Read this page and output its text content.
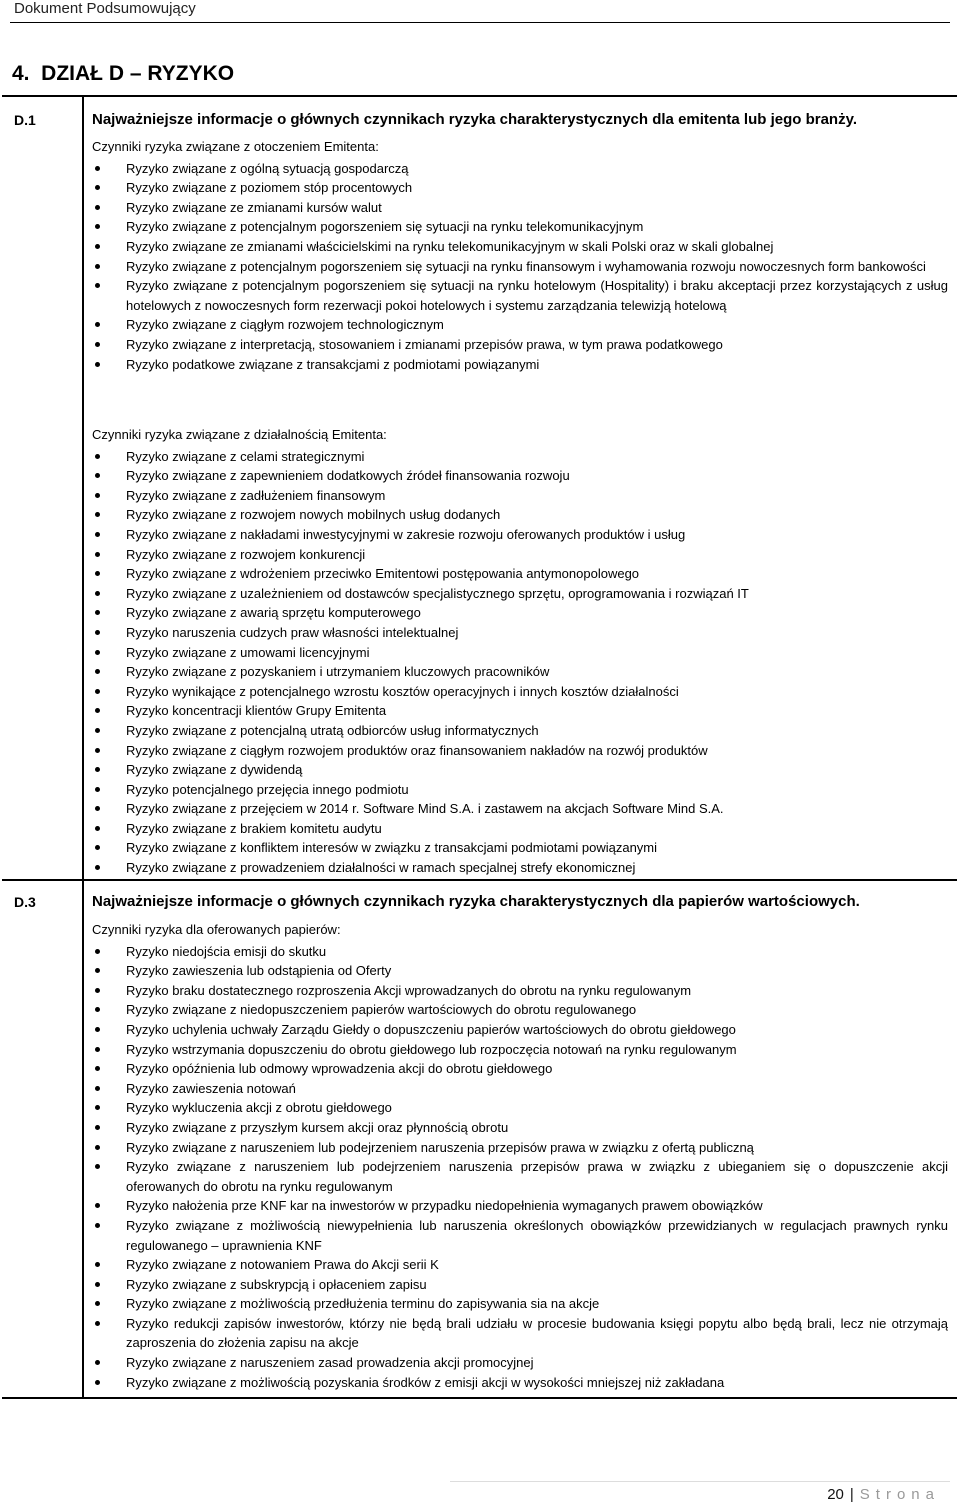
Dokument Podsumowujący
4.  DZIAŁ D – RYZYKO
D.1	Najważniejsze informacje o głównych czynnikach ryzyka charakterystycznych dla emitenta lub jego branży.
Czynniki ryzyka związane z otoczeniem Emitenta:
Ryzyko związane z ogólną sytuacją gospodarczą
Ryzyko związane z poziomem stóp procentowych
Ryzyko związane ze zmianami kursów walut
Ryzyko związane z potencjalnym pogorszeniem się sytuacji na rynku telekomunikacyjnym
Ryzyko związane ze zmianami właścicielskimi na rynku telekomunikacyjnym w skali Polski oraz w skali globalnej
Ryzyko związane z potencjalnym pogorszeniem się sytuacji na rynku finansowym i wyhamowania rozwoju nowoczesnych form bankowości
Ryzyko związane z potencjalnym pogorszeniem się sytuacji na rynku hotelowym (Hospitality) i braku akceptacji przez korzystających z usług hotelowych z nowoczesnych form rezerwacji pokoi hotelowych i systemu zarządzania telewizją hotelową
Ryzyko związane z ciągłym rozwojem technologicznym
Ryzyko związane z interpretacją, stosowaniem i zmianami przepisów prawa, w tym prawa podatkowego
Ryzyko podatkowe związane z transakcjami z podmiotami powiązanymi
Czynniki ryzyka związane z działalnością Emitenta:
Ryzyko związane z celami strategicznymi
Ryzyko związane z zapewnieniem dodatkowych źródeł finansowania rozwoju
Ryzyko związane z zadłużeniem finansowym
Ryzyko związane z rozwojem nowych mobilnych usług dodanych
Ryzyko związane z nakładami inwestycyjnymi w zakresie rozwoju oferowanych produktów i usług
Ryzyko związane z rozwojem konkurencji
Ryzyko związane z wdrożeniem przeciwko Emitentowi postępowania antymonopolowego
Ryzyko związane z uzależnieniem od dostawców specjalistycznego sprzętu, oprogramowania i rozwiązań IT
Ryzyko związane z awarią sprzętu komputerowego
Ryzyko naruszenia cudzych praw własności intelektualnej
Ryzyko związane z umowami licencyjnymi
Ryzyko związane z pozyskaniem i utrzymaniem kluczowych pracowników
Ryzyko wynikające z potencjalnego wzrostu kosztów operacyjnych i innych kosztów działalności
Ryzyko koncentracji klientów Grupy Emitenta
Ryzyko związane z potencjalną utratą odbiorców usług informatycznych
Ryzyko związane z ciągłym rozwojem produktów oraz finansowaniem nakładów na rozwój produktów
Ryzyko związane z dywidendą
Ryzyko potencjalnego przejęcia innego podmiotu
Ryzyko związane z przejęciem w 2014 r. Software Mind S.A. i zastawem na akcjach Software Mind S.A.
Ryzyko związane z brakiem komitetu audytu
Ryzyko związane z konfliktem interesów w związku z transakcjami podmiotami powiązanymi
Ryzyko związane z prowadzeniem działalności w ramach specjalnej strefy ekonomicznej
D.3	Najważniejsze informacje o głównych czynnikach ryzyka charakterystycznych dla papierów wartościowych.
Czynniki ryzyka dla oferowanych papierów:
Ryzyko niedojścia emisji do skutku
Ryzyko zawieszenia lub odstąpienia od Oferty
Ryzyko braku dostatecznego rozproszenia Akcji wprowadzanych do obrotu na rynku regulowanym
Ryzyko związane z niedopuszczeniem papierów wartościowych do obrotu regulowanego
Ryzyko uchylenia uchwały Zarządu Giełdy o dopuszczeniu papierów wartościowych do obrotu giełdowego
Ryzyko wstrzymania dopuszczeniu do obrotu giełdowego lub rozpoczęcia notowań na rynku regulowanym
Ryzyko opóźnienia lub odmowy wprowadzenia akcji do obrotu giełdowego
Ryzyko zawieszenia notowań
Ryzyko wykluczenia akcji z obrotu giełdowego
Ryzyko związane z przyszłym kursem akcji oraz płynnością obrotu
Ryzyko związane z naruszeniem lub podejrzeniem naruszenia przepisów prawa w związku z ofertą publiczną
Ryzyko związane z naruszeniem lub podejrzeniem naruszenia przepisów prawa w związku z ubieganiem się o dopuszczenie akcji oferowanych do obrotu na rynku regulowanym
Ryzyko nałożenia prze KNF kar na inwestorów w przypadku niedopełnienia wymaganych prawem obowiązków
Ryzyko związane z możliwością niewypełnienia lub naruszenia określonych obowiązków przewidzianych w regulacjach prawnych rynku regulowanego – uprawnienia KNF
Ryzyko związane z notowaniem Prawa do Akcji serii K
Ryzyko związane z subskrypcją i opłaceniem zapisu
Ryzyko związane z możliwością przedłużenia terminu do zapisywania sia na akcje
Ryzyko redukcji zapisów inwestorów, którzy nie będą brali udziału w procesie budowania księgi popytu albo będą brali, lecz nie otrzymają zaproszenia do złożenia zapisu na akcje
Ryzyko związane z naruszeniem zasad prowadzenia akcji promocyjnej
Ryzyko związane z możliwością pozyskania środków z emisji akcji w wysokości mniejszej niż zakładana
20 | Strona
